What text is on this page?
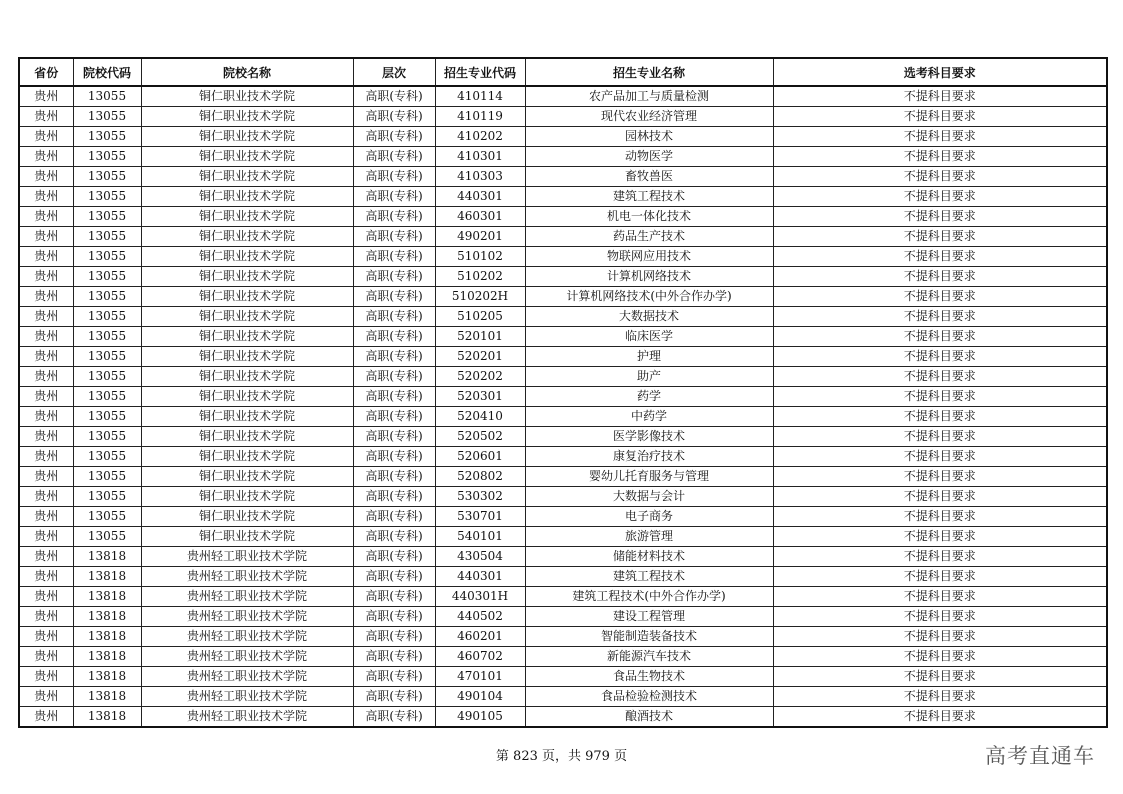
省份	院校代码	院校名称	层次	招生专业代码	招生专业名称	选考科目要求
贵州	13055	铜仁职业技术学院	高职(专科)	410114	农产品加工与质量检测	不提科目要求
贵州	13055	铜仁职业技术学院	高职(专科)	410119	现代农业经济管理	不提科目要求
贵州	13055	铜仁职业技术学院	高职(专科)	410202	园林技术	不提科目要求
贵州	13055	铜仁职业技术学院	高职(专科)	410301	动物医学	不提科目要求
贵州	13055	铜仁职业技术学院	高职(专科)	410303	畜牧兽医	不提科目要求
贵州	13055	铜仁职业技术学院	高职(专科)	440301	建筑工程技术	不提科目要求
贵州	13055	铜仁职业技术学院	高职(专科)	460301	机电一体化技术	不提科目要求
贵州	13055	铜仁职业技术学院	高职(专科)	490201	药品生产技术	不提科目要求
贵州	13055	铜仁职业技术学院	高职(专科)	510102	物联网应用技术	不提科目要求
贵州	13055	铜仁职业技术学院	高职(专科)	510202	计算机网络技术	不提科目要求
贵州	13055	铜仁职业技术学院	高职(专科)	510202H	计算机网络技术(中外合作办学)	不提科目要求
贵州	13055	铜仁职业技术学院	高职(专科)	510205	大数据技术	不提科目要求
贵州	13055	铜仁职业技术学院	高职(专科)	520101	临床医学	不提科目要求
贵州	13055	铜仁职业技术学院	高职(专科)	520201	护理	不提科目要求
贵州	13055	铜仁职业技术学院	高职(专科)	520202	助产	不提科目要求
贵州	13055	铜仁职业技术学院	高职(专科)	520301	药学	不提科目要求
贵州	13055	铜仁职业技术学院	高职(专科)	520410	中药学	不提科目要求
贵州	13055	铜仁职业技术学院	高职(专科)	520502	医学影像技术	不提科目要求
贵州	13055	铜仁职业技术学院	高职(专科)	520601	康复治疗技术	不提科目要求
贵州	13055	铜仁职业技术学院	高职(专科)	520802	婴幼儿托育服务与管理	不提科目要求
贵州	13055	铜仁职业技术学院	高职(专科)	530302	大数据与会计	不提科目要求
贵州	13055	铜仁职业技术学院	高职(专科)	530701	电子商务	不提科目要求
贵州	13055	铜仁职业技术学院	高职(专科)	540101	旅游管理	不提科目要求
贵州	13818	贵州轻工职业技术学院	高职(专科)	430504	储能材料技术	不提科目要求
贵州	13818	贵州轻工职业技术学院	高职(专科)	440301	建筑工程技术	不提科目要求
贵州	13818	贵州轻工职业技术学院	高职(专科)	440301H	建筑工程技术(中外合作办学)	不提科目要求
贵州	13818	贵州轻工职业技术学院	高职(专科)	440502	建设工程管理	不提科目要求
贵州	13818	贵州轻工职业技术学院	高职(专科)	460201	智能制造装备技术	不提科目要求
贵州	13818	贵州轻工职业技术学院	高职(专科)	460702	新能源汽车技术	不提科目要求
贵州	13818	贵州轻工职业技术学院	高职(专科)	470101	食品生物技术	不提科目要求
贵州	13818	贵州轻工职业技术学院	高职(专科)	490104	食品检验检测技术	不提科目要求
贵州	13818	贵州轻工职业技术学院	高职(专科)	490105	酿酒技术	不提科目要求
第 823 页，共 979 页	高考直通车
